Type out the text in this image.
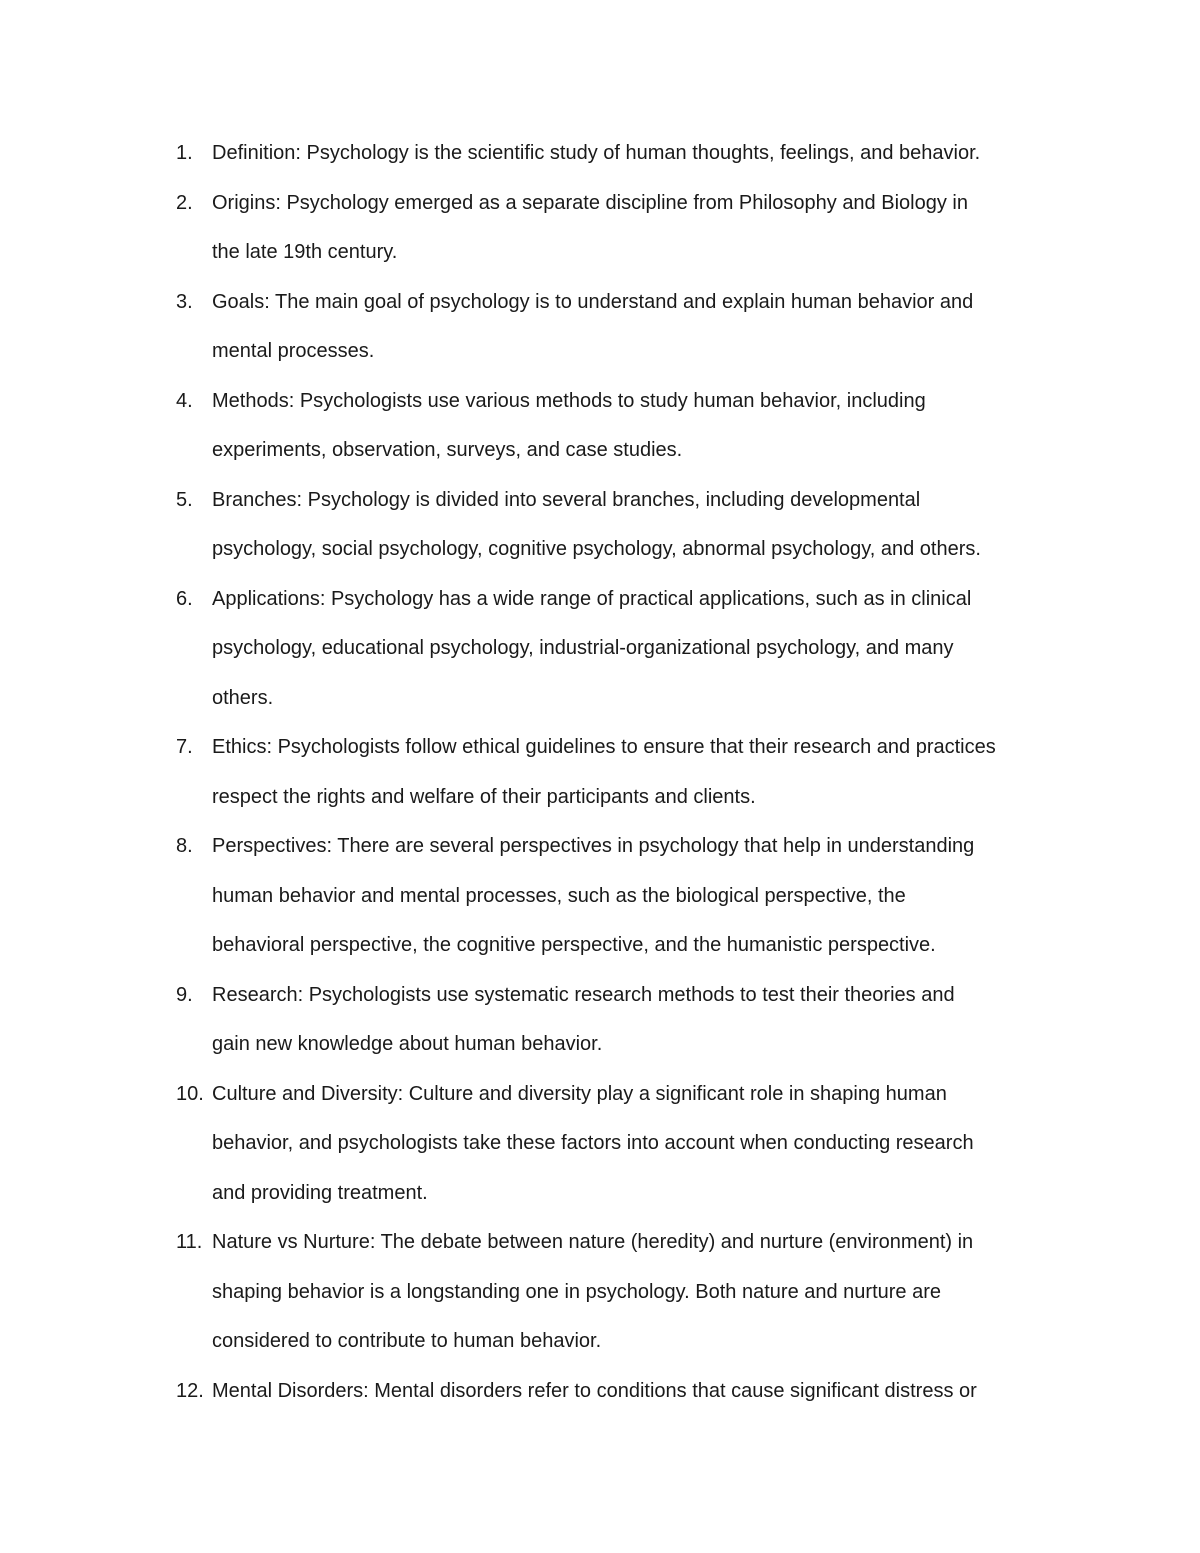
1. Definition: Psychology is the scientific study of human thoughts, feelings, and behavior.
2. Origins: Psychology emerged as a separate discipline from Philosophy and Biology in
the late 19th century.
3. Goals: The main goal of psychology is to understand and explain human behavior and
mental processes.
4. Methods: Psychologists use various methods to study human behavior, including
experiments, observation, surveys, and case studies.
5. Branches: Psychology is divided into several branches, including developmental
psychology, social psychology, cognitive psychology, abnormal psychology, and others.
6. Applications: Psychology has a wide range of practical applications, such as in clinical
psychology, educational psychology, industrial-organizational psychology, and many
others.
7. Ethics: Psychologists follow ethical guidelines to ensure that their research and practices
respect the rights and welfare of their participants and clients.
8. Perspectives: There are several perspectives in psychology that help in understanding
human behavior and mental processes, such as the biological perspective, the
behavioral perspective, the cognitive perspective, and the humanistic perspective.
9. Research: Psychologists use systematic research methods to test their theories and
gain new knowledge about human behavior.
10. Culture and Diversity: Culture and diversity play a significant role in shaping human
behavior, and psychologists take these factors into account when conducting research
and providing treatment.
11. Nature vs Nurture: The debate between nature (heredity) and nurture (environment) in
shaping behavior is a longstanding one in psychology. Both nature and nurture are
considered to contribute to human behavior.
12. Mental Disorders: Mental disorders refer to conditions that cause significant distress or
